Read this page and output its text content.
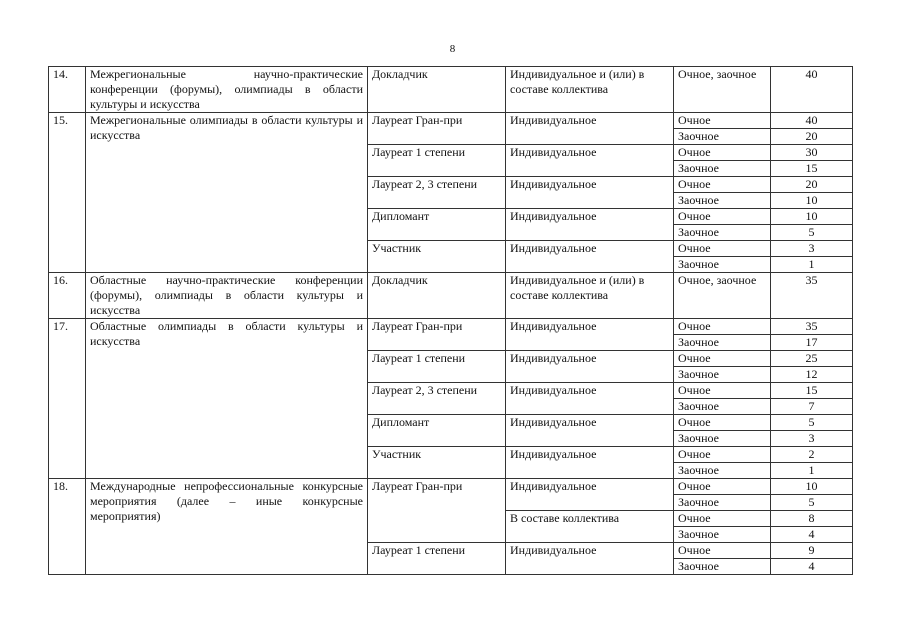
8
14.	Межрегиональные научно-практические конференции (форумы), олимпиады в области культуры и искусства	Докладчик	Индивидуальное и (или) в составе коллектива	Очное, заочное	40
15.	Межрегиональные олимпиады в области культуры и искусства	Лауреат Гран-при	Индивидуальное	Очное	40
				Заочное	20
		Лауреат 1 степени	Индивидуальное	Очное	30
				Заочное	15
		Лауреат 2, 3 степени	Индивидуальное	Очное	20
				Заочное	10
		Дипломант	Индивидуальное	Очное	10
				Заочное	5
		Участник	Индивидуальное	Очное	3
				Заочное	1
16.	Областные научно-практические конференции (форумы), олимпиады в области культуры и искусства	Докладчик	Индивидуальное и (или) в составе коллектива	Очное, заочное	35
17.	Областные олимпиады в области культуры и искусства	Лауреат Гран-при	Индивидуальное	Очное	35
				Заочное	17
		Лауреат 1 степени	Индивидуальное	Очное	25
				Заочное	12
		Лауреат 2, 3 степени	Индивидуальное	Очное	15
				Заочное	7
		Дипломант	Индивидуальное	Очное	5
				Заочное	3
		Участник	Индивидуальное	Очное	2
				Заочное	1
18.	Международные непрофессиональные конкурсные мероприятия (далее – иные конкурсные мероприятия)	Лауреат Гран-при	Индивидуальное	Очное	10
				Заочное	5
			В составе коллектива	Очное	8
				Заочное	4
		Лауреат 1 степени	Индивидуальное	Очное	9
				Заочное	4
